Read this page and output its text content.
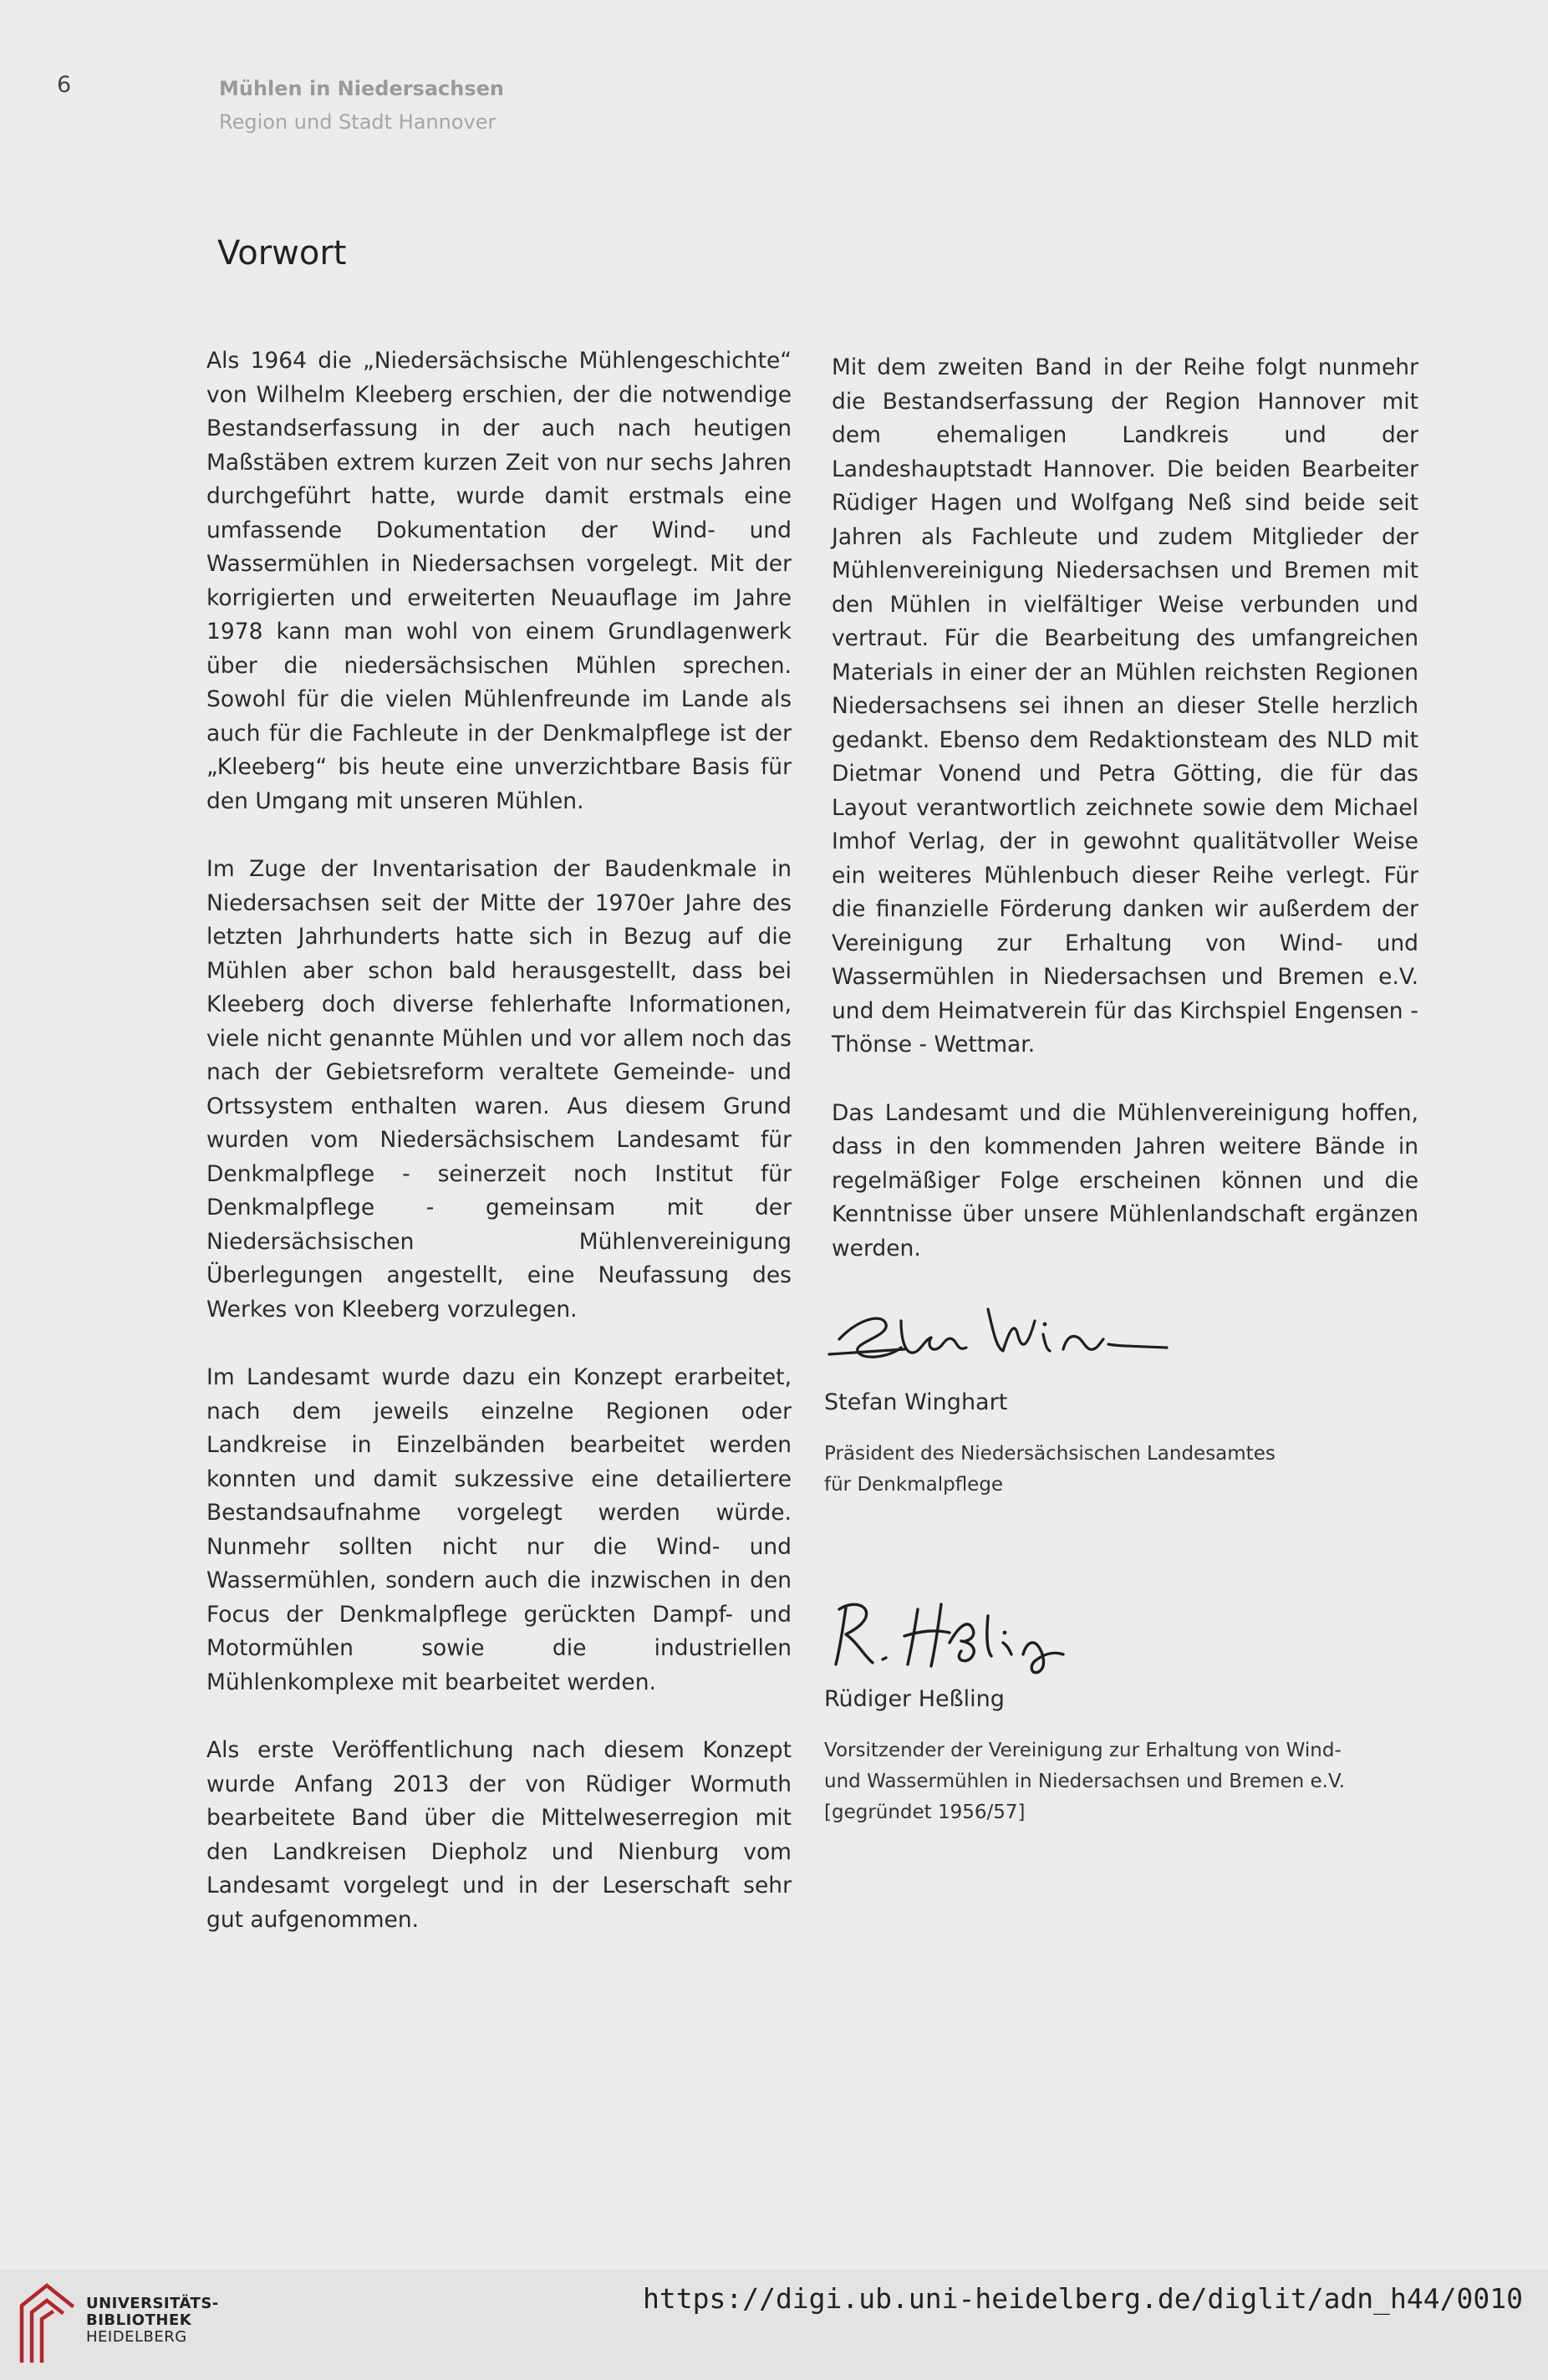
6	Mühlen in Niedersachsen
Region und Stadt Hannover
Vorwort

Als 1964 die „Niedersächsische Mühlengeschichte“ von Wilhelm Kleeberg erschien, der die notwendige Bestandserfassung in der auch nach heutigen Maßstäben extrem kurzen Zeit von nur sechs Jahren durchgeführt hatte, wurde damit erstmals eine umfassende Dokumentation der Wind- und Wassermühlen in Niedersachsen vorgelegt. Mit der korrigierten und erweiterten Neuauflage im Jahre 1978 kann man wohl von einem Grundlagenwerk über die niedersächsischen Mühlen sprechen. Sowohl für die vielen Mühlenfreunde im Lande als auch für die Fachleute in der Denkmalpflege ist der „Kleeberg“ bis heute eine unverzichtbare Basis für den Umgang mit unseren Mühlen.

Im Zuge der Inventarisation der Baudenkmale in Niedersachsen seit der Mitte der 1970er Jahre des letzten Jahrhunderts hatte sich in Bezug auf die Mühlen aber schon bald herausgestellt, dass bei Kleeberg doch diverse fehlerhafte Informationen, viele nicht genannte Mühlen und vor allem noch das nach der Gebietsreform veraltete Gemeinde- und Ortssystem enthalten waren. Aus diesem Grund wurden vom Niedersächsischem Landesamt für Denkmalpflege - seinerzeit noch Institut für Denkmalpflege - gemeinsam mit der Niedersächsischen Mühlenvereinigung Überlegungen angestellt, eine Neufassung des Werkes von Kleeberg vorzulegen.

Im Landesamt wurde dazu ein Konzept erarbeitet, nach dem jeweils einzelne Regionen oder Landkreise in Einzelbänden bearbeitet werden konnten und damit sukzessive eine detailiertere Bestandsaufnahme vorgelegt werden würde. Nunmehr sollten nicht nur die Wind- und Wassermühlen, sondern auch die inzwischen in den Focus der Denkmalpflege gerückten Dampf- und Motormühlen sowie die industriellen Mühlenkomplexe mit bearbeitet werden.

Als erste Veröffentlichung nach diesem Konzept wurde Anfang 2013 der von Rüdiger Wormuth bearbeitete Band über die Mittelweserregion mit den Landkreisen Diepholz und Nienburg vom Landesamt vorgelegt und in der Leserschaft sehr gut aufgenommen.

Mit dem zweiten Band in der Reihe folgt nunmehr die Bestandserfassung der Region Hannover mit dem ehemaligen Landkreis und der Landeshauptstadt Hannover. Die beiden Bearbeiter Rüdiger Hagen und Wolfgang Neß sind beide seit Jahren als Fachleute und zudem Mitglieder der Mühlenvereinigung Niedersachsen und Bremen mit den Mühlen in vielfältiger Weise verbunden und vertraut. Für die Bearbeitung des umfangreichen Materials in einer der an Mühlen reichsten Regionen Niedersachsens sei ihnen an dieser Stelle herzlich gedankt. Ebenso dem Redaktionsteam des NLD mit Dietmar Vonend und Petra Götting, die für das Layout verantwortlich zeichnete sowie dem Michael Imhof Verlag, der in gewohnt qualitätvoller Weise ein weiteres Mühlenbuch dieser Reihe verlegt. Für die finanzielle Förderung danken wir außerdem der Vereinigung zur Erhaltung von Wind- und Wassermühlen in Niedersachsen und Bremen e.V. und dem Heimatverein für das Kirchspiel Engensen - Thönse - Wettmar.

Das Landesamt und die Mühlenvereinigung hoffen, dass in den kommenden Jahren weitere Bände in regelmäßiger Folge erscheinen können und die Kenntnisse über unsere Mühlenlandschaft ergänzen werden.

Stefan Winghart
Präsident des Niedersächsischen Landesamtes
für Denkmalpflege
Rüdiger Heßling
Vorsitzender der Vereinigung zur Erhaltung von Wind-
und Wassermühlen in Niedersachsen und Bremen e.V.
[gegründet 1956/57]
UNIVERSITÄTS-
BIBLIOTHEK
HEIDELBERG
https://digi.ub.uni-heidelberg.de/diglit/adn_h44/0010
